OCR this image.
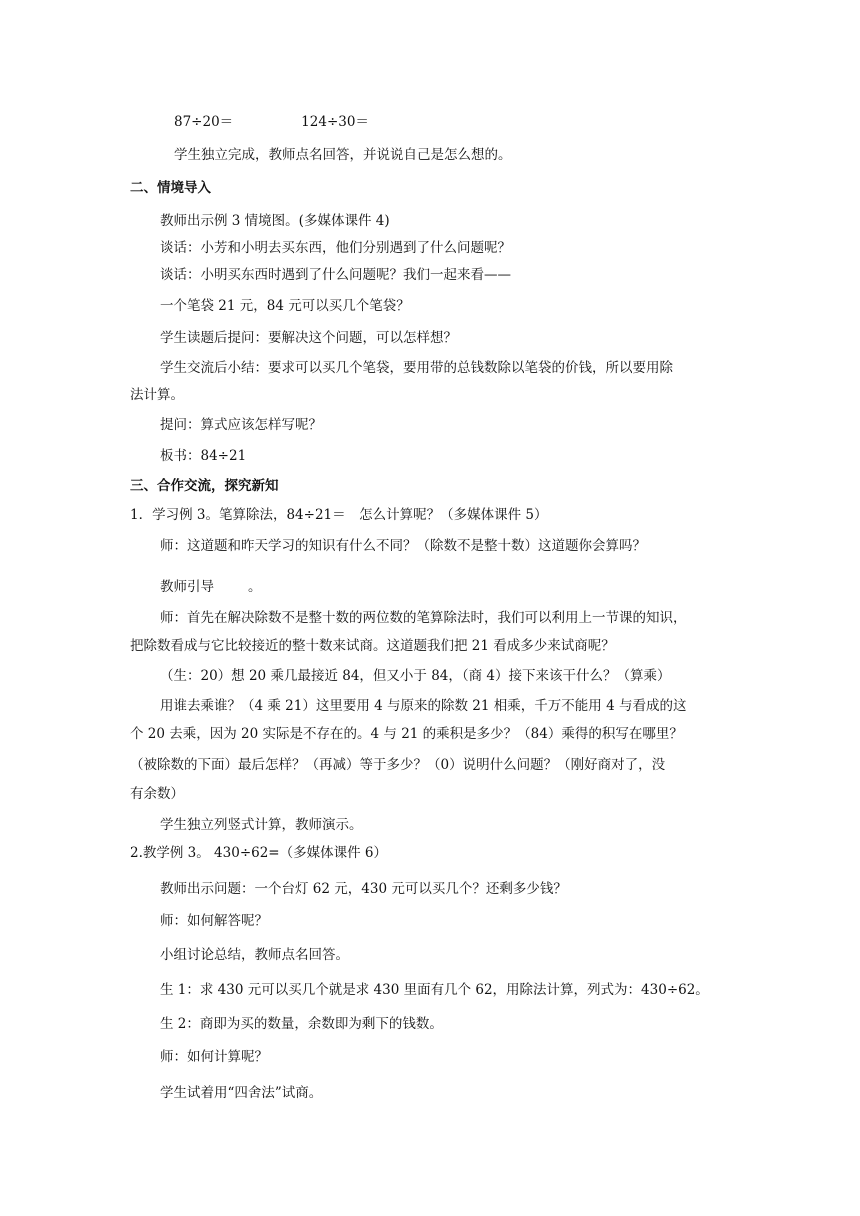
87÷20＝	124÷30＝
学生独立完成，教师点名回答，并说说自己是怎么想的。
二、情境导入
教师出示例 3 情境图。(多媒体课件 4)
谈话：小芳和小明去买东西，他们分别遇到了什么问题呢？
谈话：小明买东西时遇到了什么问题呢？我们一起来看——
一个笔袋 21 元，84 元可以买几个笔袋？
学生读题后提问：要解决这个问题，可以怎样想？
学生交流后小结：要求可以买几个笔袋，要用带的总钱数除以笔袋的价钱，所以要用除
法计算。
提问：算式应该怎样写呢？
板书：84÷21
三、合作交流，探究新知
1．学习例 3。笔算除法，84÷21＝　怎么计算呢？（多媒体课件 5）
师：这道题和昨天学习的知识有什么不同？（除数不是整十数）这道题你会算吗？
教师引导	。
师：首先在解决除数不是整十数的两位数的笔算除法时，我们可以利用上一节课的知识，
把除数看成与它比较接近的整十数来试商。这道题我们把 21 看成多少来试商呢？
（生：20）想 20 乘几最接近 84，但又小于 84，（商 4）接下来该干什么？（算乘）
用谁去乘谁？（4 乘 21）这里要用 4 与原来的除数 21 相乘，千万不能用 4 与看成的这
个 20 去乘，因为 20 实际是不存在的。4 与 21 的乘积是多少？（84）乘得的积写在哪里？
（被除数的下面）最后怎样？（再减）等于多少？（0）说明什么问题？（刚好商对了，没
有余数）
学生独立列竖式计算，教师演示。
2.教学例 3。 430÷62=（多媒体课件 6）
教师出示问题：一个台灯 62 元，430 元可以买几个？还剩多少钱？
师：如何解答呢？
小组讨论总结，教师点名回答。
生 1：求 430 元可以买几个就是求 430 里面有几个 62，用除法计算，列式为：430÷62。
生 2：商即为买的数量，余数即为剩下的钱数。
师：如何计算呢？
学生试着用“四舍法”试商。
